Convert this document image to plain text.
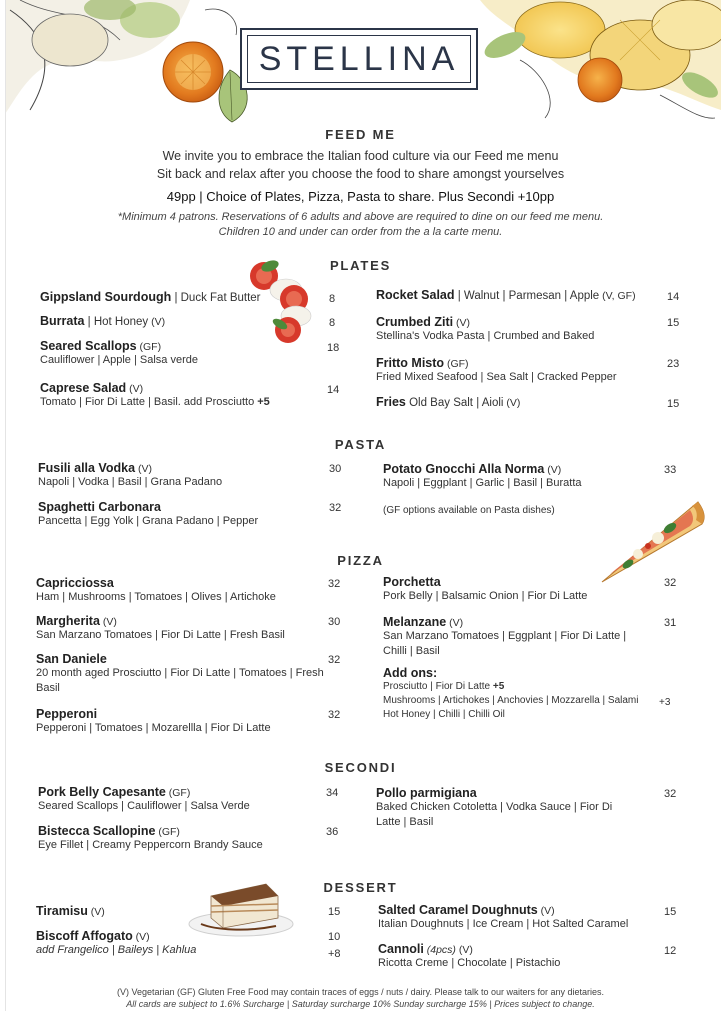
STELLINA
FEED ME
We invite you to embrace the Italian food culture via our Feed me menu
Sit back and relax after you choose the food to share amongst yourselves
49pp | Choice of Plates, Pizza, Pasta to share. Plus Secondi +10pp
*Minimum 4 patrons. Reservations of 6 adults and above are required to dine on our feed me menu.
Children 10 and under can order from the a la carte menu.
PLATES
Gippsland Sourdough | Duck Fat Butter	8
Burrata | Hot Honey (V)	8
Seared Scallops (GF)
Cauliflower | Apple | Salsa verde
18
Caprese Salad (V)
Tomato | Fior Di Latte | Basil. add Prosciutto +5
14
Rocket Salad | Walnut | Parmesan | Apple (V, GF)	14
Crumbed Ziti (V)
Stellina's Vodka Pasta | Crumbed and Baked
15
Fritto Misto (GF)
Fried Mixed Seafood | Sea Salt | Cracked Pepper
23
Fries Old Bay Salt | Aioli (V)	15
PASTA
Fusili alla Vodka (V)
Napoli | Vodka | Basil | Grana Padano
30
Spaghetti Carbonara
Pancetta | Egg Yolk | Grana Padano | Pepper
32
Potato Gnocchi Alla Norma (V)
Napoli | Eggplant | Garlic | Basil | Buratta
33
(GF options available on Pasta dishes)
PIZZA
Capricciossa
Ham | Mushrooms | Tomatoes | Olives | Artichoke
32
Margherita (V)
San Marzano Tomatoes | Fior Di Latte | Fresh Basil
30
San Daniele
20 month aged Prosciutto | Fior Di Latte | Tomatoes | Fresh Basil
32
Pepperoni
Pepperoni | Tomatoes | Mozarellla | Fior Di Latte
32
Porchetta
Pork Belly | Balsamic Onion | Fior Di Latte
32
Melanzane (V)
San Marzano Tomatoes | Eggplant | Fior Di Latte | Chilli | Basil
31
Add ons:
Prosciutto | Fior Di Latte +5
Mushrooms | Artichokes | Anchovies | Mozzarella | Salami
Hot Honey | Chilli | Chilli Oil
+3
SECONDI
Pork Belly Capesante (GF)
Seared Scallops | Cauliflower | Salsa Verde
34
Bistecca Scallopine (GF)
Eye Fillet | Creamy Peppercorn Brandy Sauce
36
Pollo parmigiana
Baked Chicken Cotoletta | Vodka Sauce | Fior Di Latte | Basil
32
DESSERT
Tiramisu (V)	15
Biscoff Affogato (V)
add Frangelico | Baileys | Kahlua
10
+8
Salted Caramel Doughnuts (V)
Italian Doughnuts | Ice Cream | Hot Salted Caramel
15
Cannoli (4pcs) (V)
Ricotta Creme | Chocolate | Pistachio
12
(V) Vegetarian (GF) Gluten Free Food may contain traces of eggs / nuts / dairy. Please talk to our waiters for any dietaries.
All cards are subject to 1.6% Surcharge | Saturday surcharge 10% Sunday surcharge 15% | Prices subject to change.
